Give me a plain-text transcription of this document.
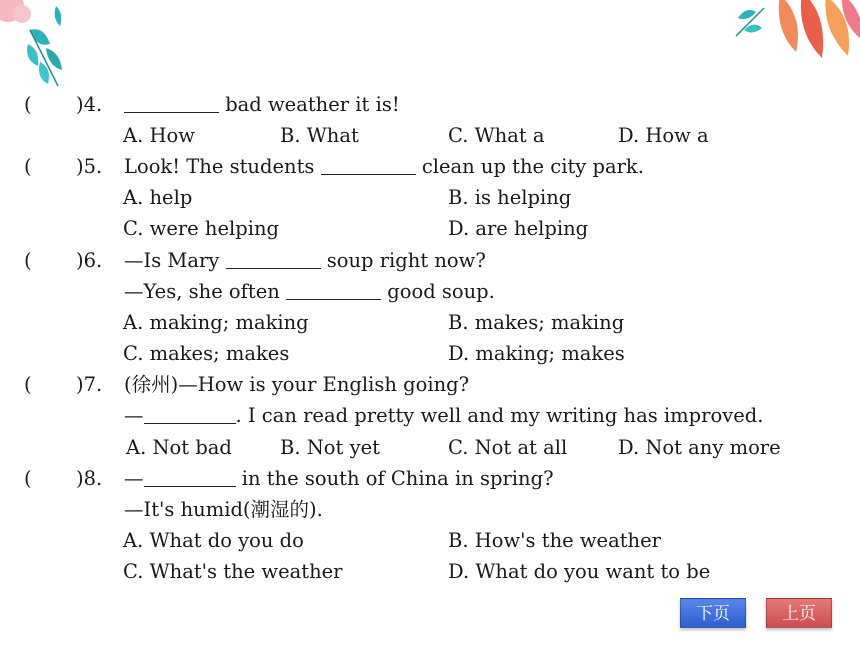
( )4.	bad weather it is!
A. How	B. What	C. What a	D. How a
( )5. Look! The students	clean up the city park.
A. help	B. is helping
C. were helping	D. are helping
( )6. —Is Mary	soup right now?
—Yes, she often	good soup.
A. making; making	B. makes; making
C. makes; makes	D. making; makes
( )7. (徐州)—How is your English going?
—	. I can read pretty well and my writing has improved.
A. Not bad B. Not yet	C. Not at all	D. Not any more
( )8. —	in the south of China in spring?
—It's humid(潮湿的).
A. What do you do	B. How's the weather
C. What's the weather	D. What do you want to be
下页	上页
